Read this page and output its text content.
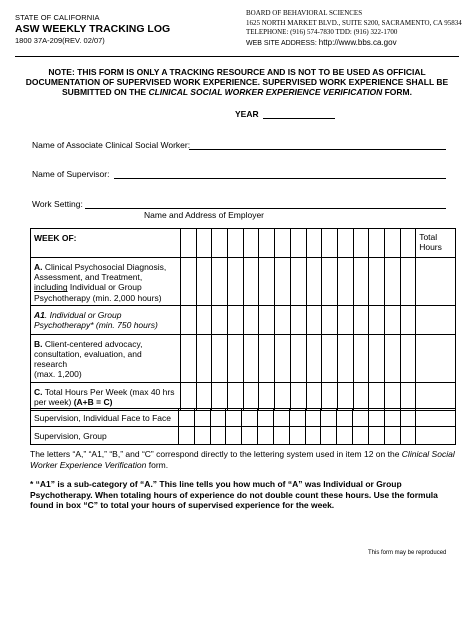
STATE OF CALIFORNIA
ASW WEEKLY TRACKING LOG
1800 37A-209(REV. 02/07)
BOARD OF BEHAVIORAL SCIENCES
1625 NORTH MARKET BLVD., SUITE S200, SACRAMENTO, CA 95834
TELEPHONE: (916) 574-7830 TDD: (916) 322-1700
WEB SITE ADDRESS: http://www.bbs.ca.gov
NOTE: THIS FORM IS ONLY A TRACKING RESOURCE AND IS NOT TO BE USED AS OFFICIAL
DOCUMENTATION OF SUPERVISED WORK EXPERIENCE. SUPERVISED WORK EXPERIENCE SHALL BE
SUBMITTED ON THE CLINICAL SOCIAL WORKER EXPERIENCE VERIFICATION FORM.
YEAR
Name of Associate Clinical Social Worker:
Name of Supervisor:
Work Setting:
Name and Address of Employer
WEEK OF:																Total
Hours

A. Clinical Psychosocial Diagnosis,
Assessment, and Treatment,
including Individual or Group
Psychotherapy (min. 2,000 hours)																

A1. Individual or Group
Psychotherapy* (min. 750 hours)																

B. Client-centered advocacy,
consultation, evaluation, and research
(max. 1,200)																

C. Total Hours Per Week (max 40 hrs
per week) (A+B = C)																

Supervision, Individual Face to Face																
Supervision, Group																
The letters “A,” “A1,” “B,” and “C” correspond directly to the lettering system used in item 12 on the Clinical Social Worker Experience Verification form.
* “A1” is a sub-category of “A.” This line tells you how much of “A” was Individual or Group
Psychotherapy. When totaling hours of experience do not double count these hours. Use the formula
found in box “C” to total your hours of supervised experience for the week.
This form may be reproduced
